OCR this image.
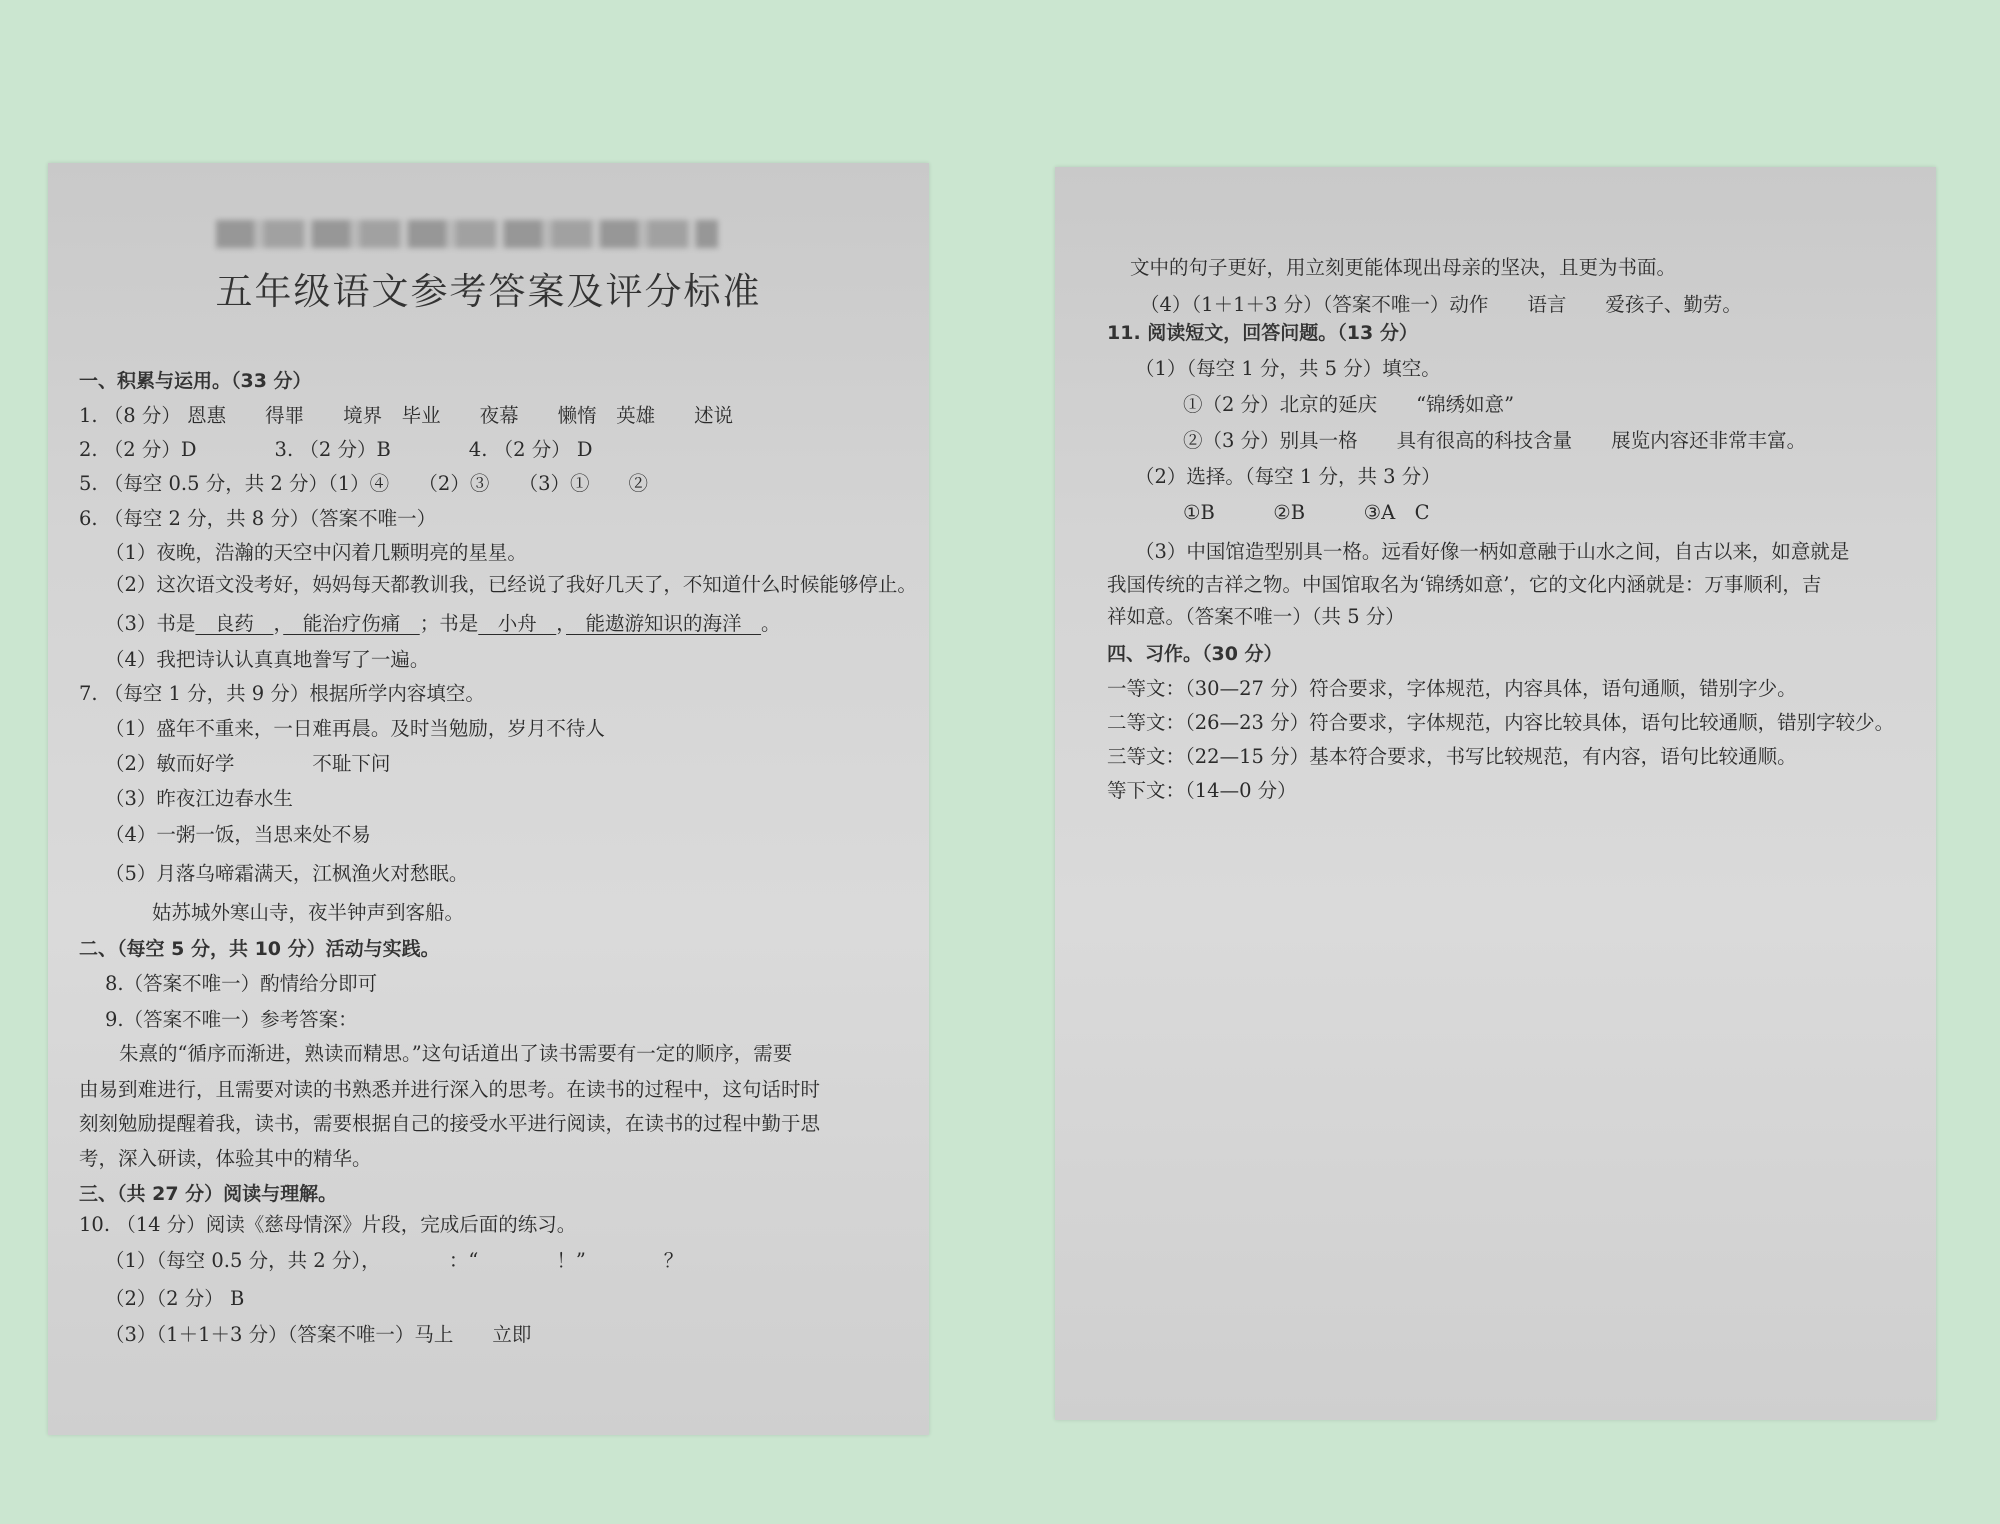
五年级语文参考答案及评分标准
一、积累与运用。（33 分）
1. （8 分） 恩惠　　得罪　　境界　毕业　　夜幕　　懒惰　英雄　　述说
2. （2 分）D　　　　3. （2 分）B　　　　4. （2 分） D
5. （每空 0.5 分，共 2 分）（1）④　　（2）③　　（3）①　　②
6. （每空 2 分，共 8 分）（答案不唯一）
（1）夜晚，浩瀚的天空中闪着几颗明亮的星星。
（2）这次语文没考好，妈妈每天都教训我，已经说了我好几天了，不知道什么时候能够停止。
（3）书是　良药　，　能治疗伤痛　；书是　小舟　，　能遨游知识的海洋　。
（4）我把诗认认真真地誊写了一遍。
7. （每空 1 分，共 9 分）根据所学内容填空。
（1）盛年不重来，一日难再晨。及时当勉励，岁月不待人
（2）敏而好学　　　　不耻下问
（3）昨夜江边春水生
（4）一粥一饭，当思来处不易
（5）月落乌啼霜满天，江枫渔火对愁眠。
姑苏城外寒山寺，夜半钟声到客船。
二、（每空 5 分，共 10 分）活动与实践。
8.（答案不唯一）酌情给分即可
9.（答案不唯一）参考答案：
朱熹的“循序而渐进，熟读而精思。”这句话道出了读书需要有一定的顺序，需要
由易到难进行，且需要对读的书熟悉并进行深入的思考。在读书的过程中，这句话时时
刻刻勉励提醒着我，读书，需要根据自己的接受水平进行阅读，在读书的过程中勤于思
考，深入研读，体验其中的精华。
三、（共 27 分）阅读与理解。
10. （14 分）阅读《慈母情深》片段，完成后面的练习。
（1）（每空 0.5 分，共 2 分），　　　　：“　　　　！”　　　　？
（2）（2 分） B
（3）（1＋1＋3 分）（答案不唯一）马上　　立即
文中的句子更好，用立刻更能体现出母亲的坚决，且更为书面。
（4）（1＋1＋3 分）（答案不唯一）动作　　语言　　爱孩子、勤劳。
11. 阅读短文，回答问题。（13 分）
（1）（每空 1 分，共 5 分）填空。
①（2 分）北京的延庆　　“锦绣如意”
②（3 分）别具一格　　具有很高的科技含量　　展览内容还非常丰富。
（2）选择。（每空 1 分，共 3 分）
①B　　　②B　　　③A　C
（3）中国馆造型别具一格。远看好像一柄如意融于山水之间，自古以来，如意就是
我国传统的吉祥之物。中国馆取名为‘锦绣如意’，它的文化内涵就是：万事顺利，吉
祥如意。（答案不唯一）（共 5 分）
四、习作。（30 分）
一等文：（30—27 分）符合要求，字体规范，内容具体，语句通顺，错别字少。
二等文：（26—23 分）符合要求，字体规范，内容比较具体，语句比较通顺，错别字较少。
三等文：（22—15 分）基本符合要求，书写比较规范，有内容，语句比较通顺。
等下文：（14—0 分）
